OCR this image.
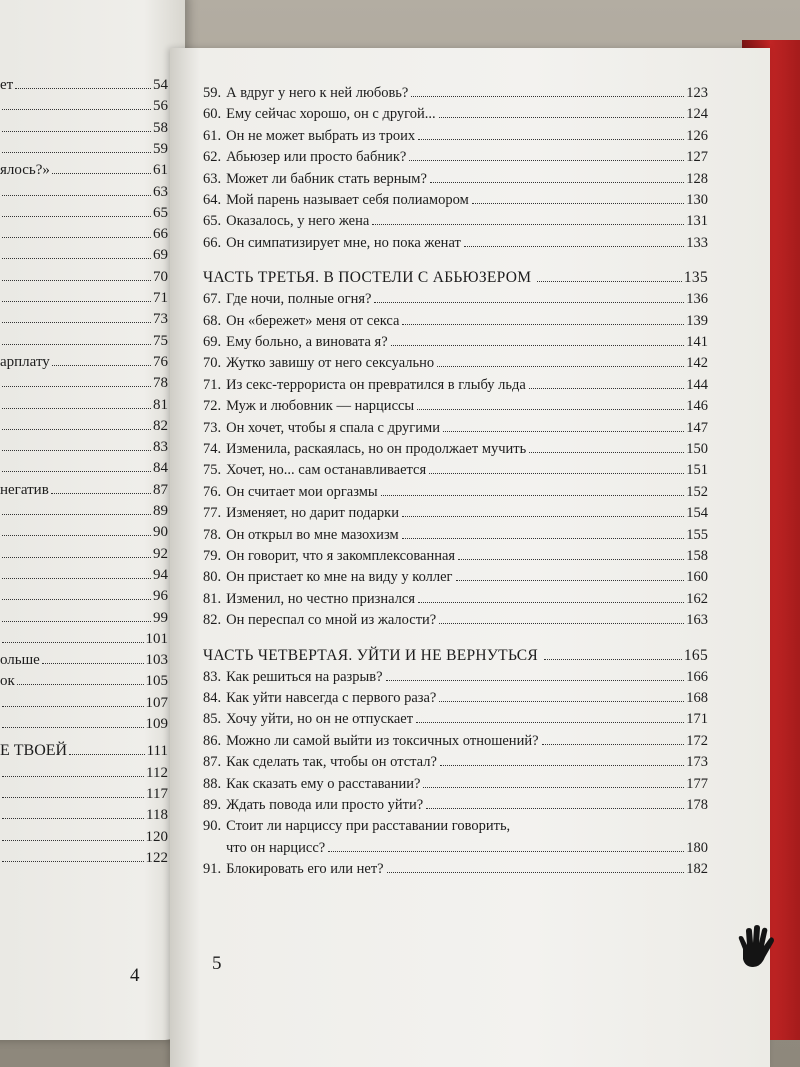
4
ет	54
56
58
59
ялось?»	61
63
65
66
69
70
71
73
75
арплату	76
78
81
82
83
84
негатив	87
89
90
92
94
96
99
101
ольше	103
ок	105
107
109
Е ТВОЕЙ	111
112
117
118
120
122
5
59. А вдруг у него к ней любовь?	123
60. Ему сейчас хорошо, он с другой...	124
61. Он не может выбрать из троих	126
62. Абьюзер или просто бабник?	127
63. Может ли бабник стать верным?	128
64. Мой парень называет себя полиамором	130
65. Оказалось, у него жена	131
66. Он симпатизирует мне, но пока женат	133
ЧАСТЬ ТРЕТЬЯ. В ПОСТЕЛИ С АБЬЮЗЕРОМ	135
67. Где ночи, полные огня?	136
68. Он «бережет» меня от секса	139
69. Ему больно, а виновата я?	141
70. Жутко завишу от него сексуально	142
71. Из секс-террориста он превратился в глыбу льда	144
72. Муж и любовник — нарциссы	146
73. Он хочет, чтобы я спала с другими	147
74. Изменила, раскаялась, но он продолжает мучить	150
75. Хочет, но... сам останавливается	151
76. Он считает мои оргазмы	152
77. Изменяет, но дарит подарки	154
78. Он открыл во мне мазохизм	155
79. Он говорит, что я закомплексованная	158
80. Он пристает ко мне на виду у коллег	160
81. Изменил, но честно признался	162
82. Он переспал со мной из жалости?	163
ЧАСТЬ ЧЕТВЕРТАЯ. УЙТИ И НЕ ВЕРНУТЬСЯ	165
83. Как решиться на разрыв?	166
84. Как уйти навсегда с первого раза?	168
85. Хочу уйти, но он не отпускает	171
86. Можно ли самой выйти из токсичных отношений?	172
87. Как сделать так, чтобы он отстал?	173
88. Как сказать ему о расставании?	177
89. Ждать повода или просто уйти?	178
90. Стоит ли нарциссу при расставании говорить,
что он нарцисс?	180
91. Блокировать его или нет?	182
